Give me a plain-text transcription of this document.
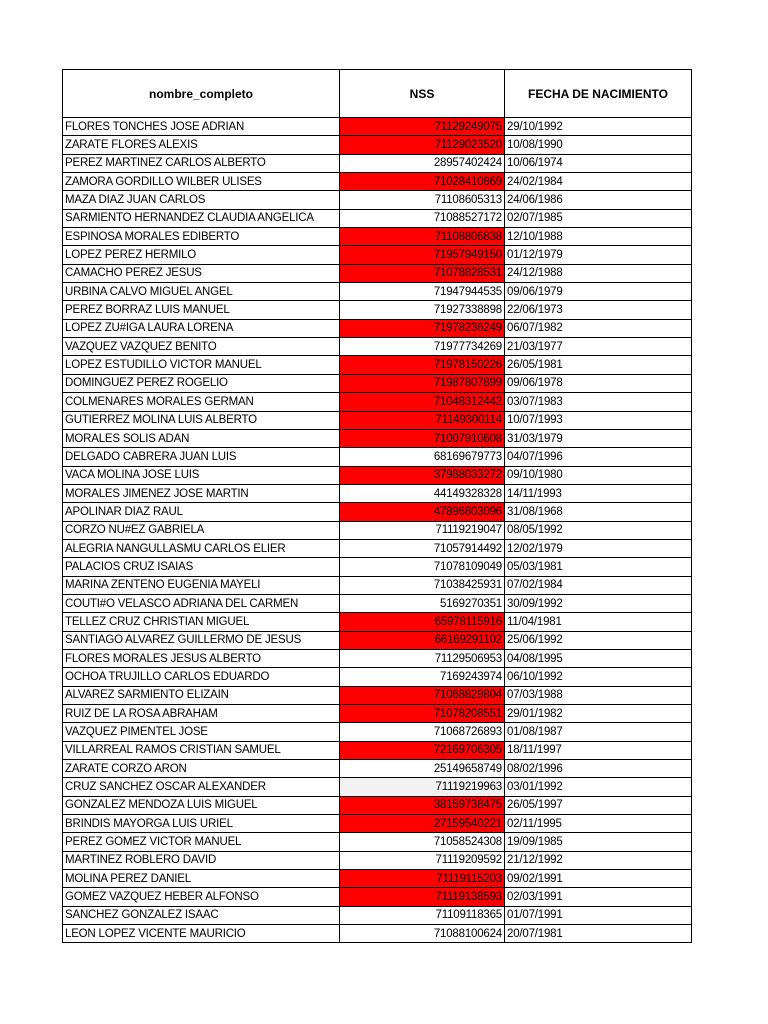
nombre_completo	NSS	FECHA DE NACIMIENTO
FLORES TONCHES JOSE ADRIAN	71129249075	29/10/1992
ZARATE FLORES ALEXIS	71129023520	10/08/1990
PEREZ MARTINEZ CARLOS ALBERTO	28957402424	10/06/1974
ZAMORA GORDILLO WILBER ULISES	71028410869	24/02/1984
MAZA DIAZ JUAN CARLOS	71108605313	24/06/1986
SARMIENTO HERNANDEZ CLAUDIA ANGELICA	71088527172	02/07/1985
ESPINOSA MORALES EDIBERTO	71108806838	12/10/1988
LOPEZ PEREZ HERMILO	71957949150	01/12/1979
CAMACHO PEREZ JESUS	71078828531	24/12/1988
URBINA CALVO MIGUEL ANGEL	71947944535	09/06/1979
PEREZ BORRAZ LUIS MANUEL	71927338898	22/06/1973
LOPEZ ZU#IGA LAURA LORENA	71978236249	06/07/1982
VAZQUEZ VAZQUEZ BENITO	71977734269	21/03/1977
LOPEZ ESTUDILLO VICTOR MANUEL	71978150226	26/05/1981
DOMINGUEZ PEREZ ROGELIO	71987807899	09/06/1978
COLMENARES MORALES GERMAN	71048312442	03/07/1983
GUTIERREZ MOLINA LUIS ALBERTO	71149300114	10/07/1993
MORALES SOLIS ADAN	71007910608	31/03/1979
DELGADO CABRERA JUAN LUIS	68169679773	04/07/1996
VACA MOLINA JOSE LUIS	37988033272	09/10/1980
MORALES JIMENEZ JOSE MARTIN	44149328328	14/11/1993
APOLINAR DIAZ RAUL	47896803096	31/08/1968
CORZO NU#EZ GABRIELA	71119219047	08/05/1992
ALEGRIA NANGULLASMU CARLOS ELIER	71057914492	12/02/1979
PALACIOS CRUZ ISAIAS	71078109049	05/03/1981
MARINA ZENTENO EUGENIA MAYELI	71038425931	07/02/1984
COUTI#O VELASCO ADRIANA DEL CARMEN	5169270351	30/09/1992
TELLEZ CRUZ CHRISTIAN MIGUEL	65978115916	11/04/1981
SANTIAGO ALVAREZ GUILLERMO DE JESUS	66169291102	25/06/1992
FLORES MORALES JESUS ALBERTO	71129506953	04/08/1995
OCHOA TRUJILLO CARLOS EDUARDO	7169243974	06/10/1992
ALVAREZ SARMIENTO ELIZAIN	71068829804	07/03/1988
RUIZ DE LA ROSA ABRAHAM	71078208551	29/01/1982
VAZQUEZ PIMENTEL JOSE	71068726893	01/08/1987
VILLARREAL RAMOS CRISTIAN SAMUEL	72169706305	18/11/1997
ZARATE CORZO ARON	25149658749	08/02/1996
CRUZ SANCHEZ OSCAR ALEXANDER	71119219963	03/01/1992
GONZALEZ MENDOZA LUIS MIGUEL	38159738475	26/05/1997
BRINDIS MAYORGA LUIS URIEL	27159540221	02/11/1995
PEREZ GOMEZ VICTOR MANUEL	71058524308	19/09/1985
MARTINEZ ROBLERO DAVID	71119209592	21/12/1992
MOLINA PEREZ DANIEL	71119115203	09/02/1991
GOMEZ VAZQUEZ HEBER ALFONSO	71119138593	02/03/1991
SANCHEZ GONZALEZ ISAAC	71109118365	01/07/1991
LEON LOPEZ VICENTE MAURICIO	71088100624	20/07/1981
